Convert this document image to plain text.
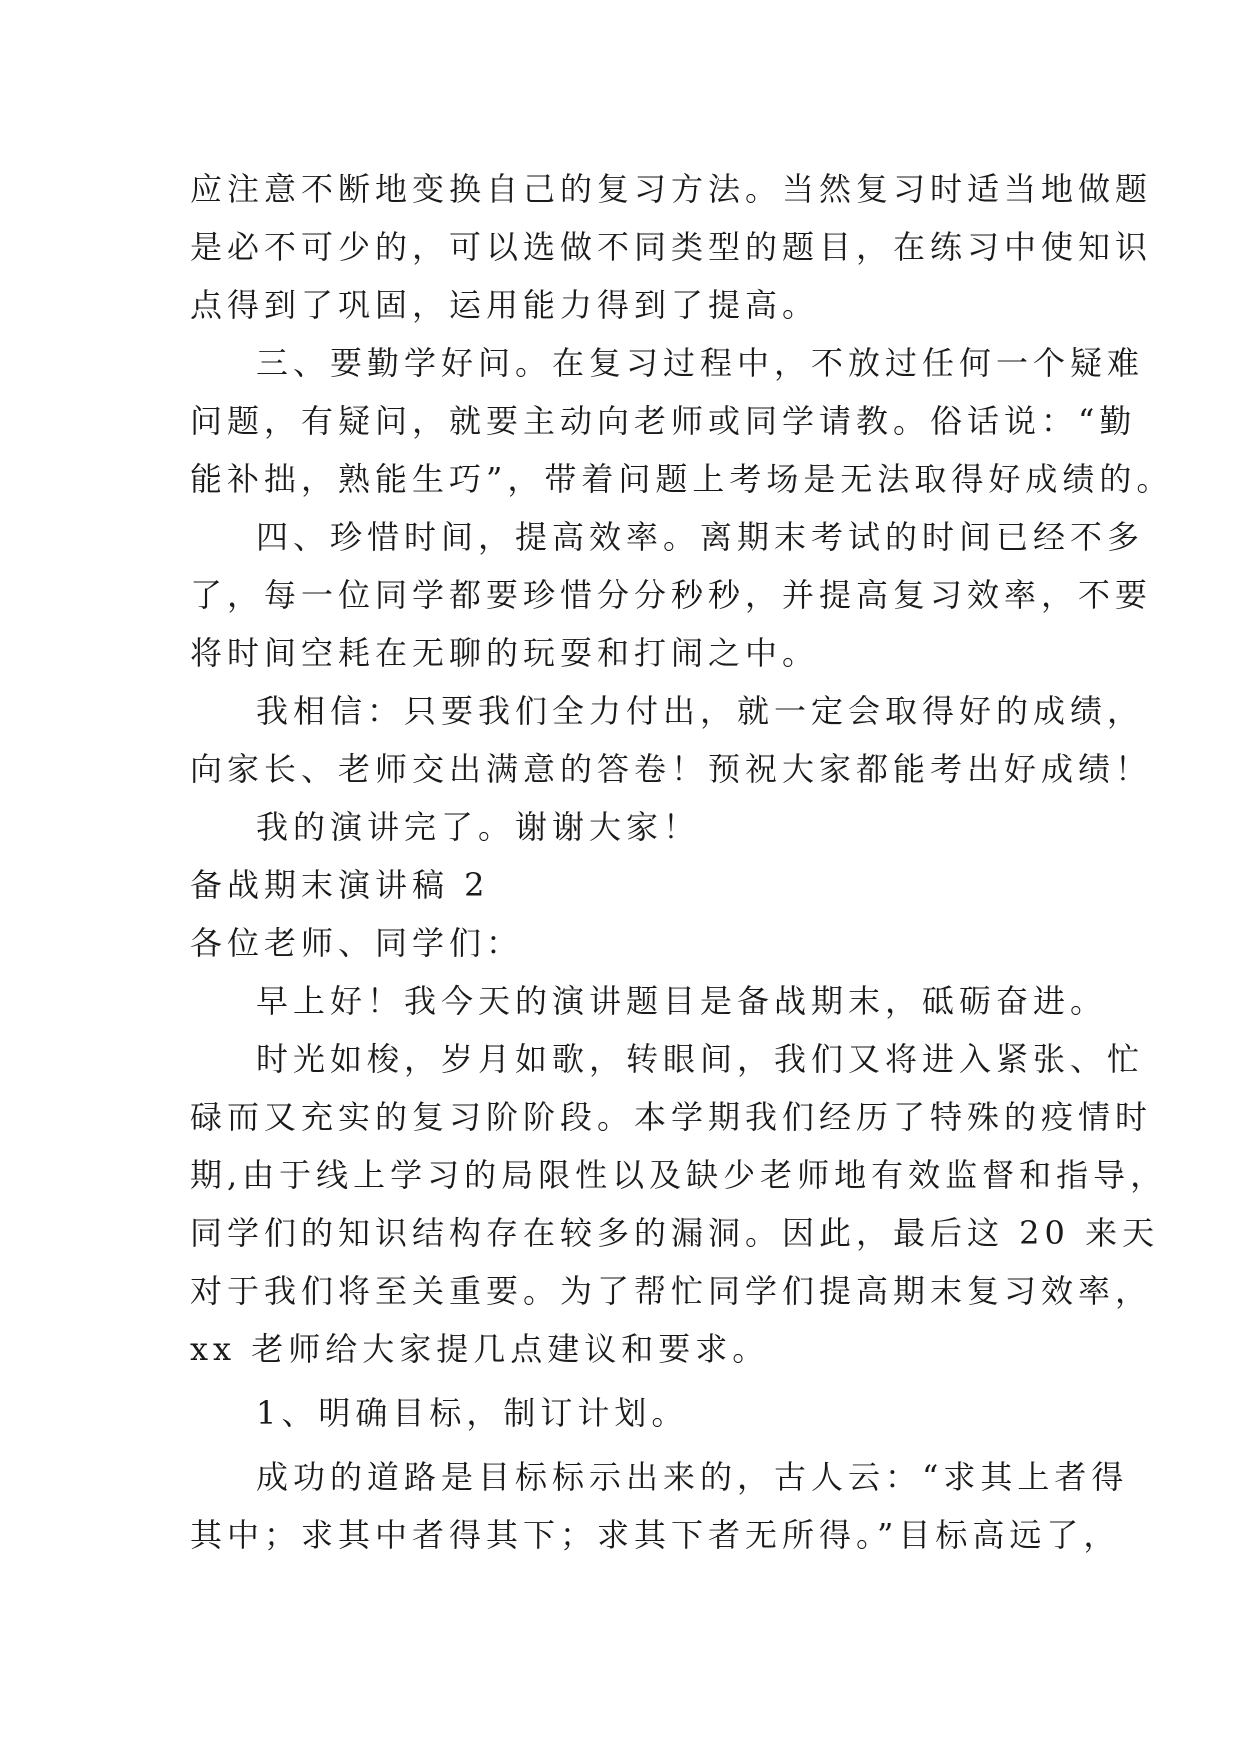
应注意不断地变换自己的复习方法。当然复习时适当地做题
是必不可少的，可以选做不同类型的题目，在练习中使知识
点得到了巩固，运用能力得到了提高。
三、要勤学好问。在复习过程中，不放过任何一个疑难
问题，有疑问，就要主动向老师或同学请教。俗话说：“勤
能补拙，熟能生巧”，带着问题上考场是无法取得好成绩的。
四、珍惜时间，提高效率。离期末考试的时间已经不多
了，每一位同学都要珍惜分分秒秒，并提高复习效率，不要
将时间空耗在无聊的玩耍和打闹之中。
我相信：只要我们全力付出，就一定会取得好的成绩，
向家长、老师交出满意的答卷！预祝大家都能考出好成绩！
我的演讲完了。谢谢大家！
备战期末演讲稿 2
各位老师、同学们：
早上好！我今天的演讲题目是备战期末，砥砺奋进。
时光如梭，岁月如歌，转眼间，我们又将进入紧张、忙
碌而又充实的复习阶阶段。本学期我们经历了特殊的疫情时
期,由于线上学习的局限性以及缺少老师地有效监督和指导，
同学们的知识结构存在较多的漏洞。因此，最后这 20 来天
对于我们将至关重要。为了帮忙同学们提高期末复习效率，
xx 老师给大家提几点建议和要求。
1、明确目标，制订计划。
成功的道路是目标标示出来的，古人云：“求其上者得
其中；求其中者得其下；求其下者无所得。”目标高远了，
